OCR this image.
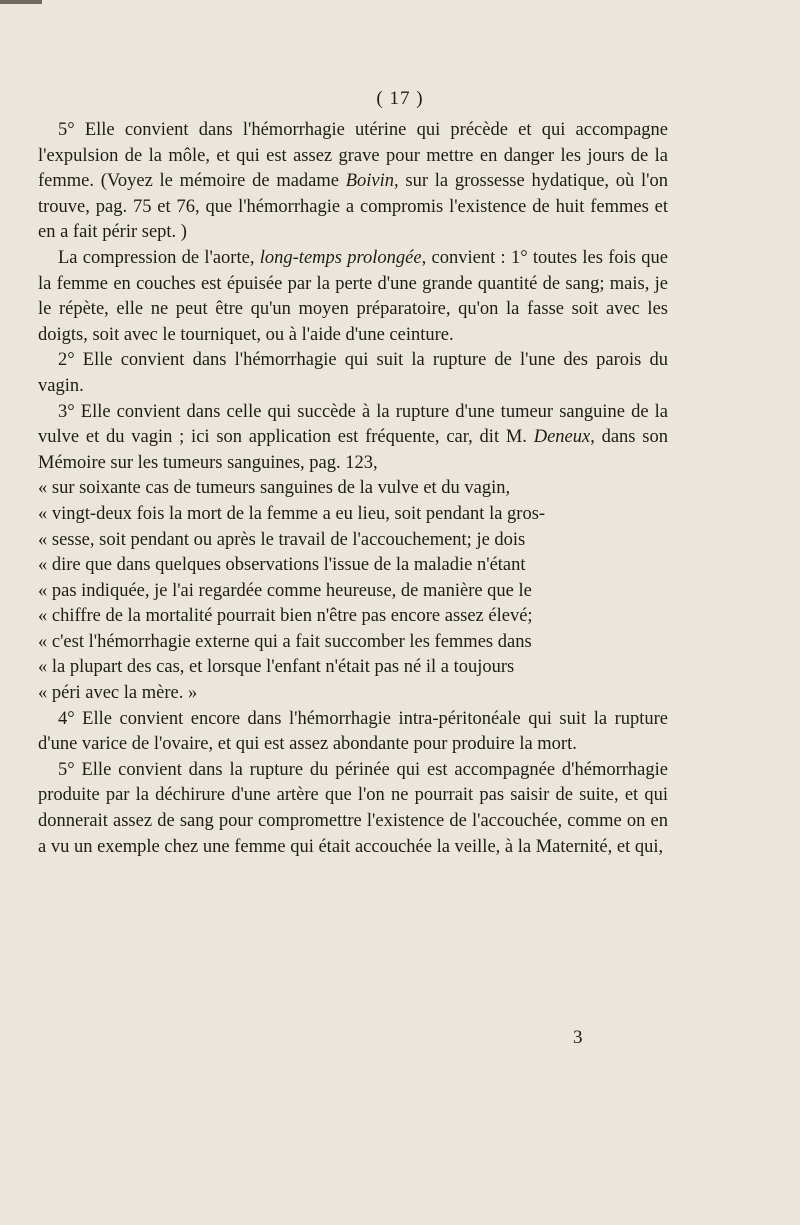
( 17 )

5° Elle convient dans l'hémorrhagie utérine qui précède et qui accompagne l'expulsion de la môle, et qui est assez grave pour mettre en danger les jours de la femme. (Voyez le mémoire de madame Boivin, sur la grossesse hydatique, où l'on trouve, pag. 75 et 76, que l'hémorrhagie a compromis l'existence de huit femmes et en a fait périr sept. )

La compression de l'aorte, long-temps prolongée, convient : 1° toutes les fois que la femme en couches est épuisée par la perte d'une grande quantité de sang; mais, je le répète, elle ne peut être qu'un moyen préparatoire, qu'on la fasse soit avec les doigts, soit avec le tourniquet, ou à l'aide d'une ceinture.

2° Elle convient dans l'hémorrhagie qui suit la rupture de l'une des parois du vagin.

3° Elle convient dans celle qui succède à la rupture d'une tumeur sanguine de la vulve et du vagin ; ici son application est fréquente, car, dit M. Deneux, dans son Mémoire sur les tumeurs sanguines, pag. 123,

« sur soixante cas de tumeurs sanguines de la vulve et du vagin,

« vingt-deux fois la mort de la femme a eu lieu, soit pendant la gros-

« sesse, soit pendant ou après le travail de l'accouchement; je dois

« dire que dans quelques observations l'issue de la maladie n'étant

« pas indiquée, je l'ai regardée comme heureuse, de manière que le

« chiffre de la mortalité pourrait bien n'être pas encore assez élevé;

« c'est l'hémorrhagie externe qui a fait succomber les femmes dans

« la plupart des cas, et lorsque l'enfant n'était pas né il a toujours

« péri avec la mère. »

4° Elle convient encore dans l'hémorrhagie intra-péritonéale qui suit la rupture d'une varice de l'ovaire, et qui est assez abondante pour produire la mort.

5° Elle convient dans la rupture du périnée qui est accompagnée d'hémorrhagie produite par la déchirure d'une artère que l'on ne pourrait pas saisir de suite, et qui donnerait assez de sang pour compromettre l'existence de l'accouchée, comme on en a vu un exemple chez une femme qui était accouchée la veille, à la Maternité, et qui,

3
